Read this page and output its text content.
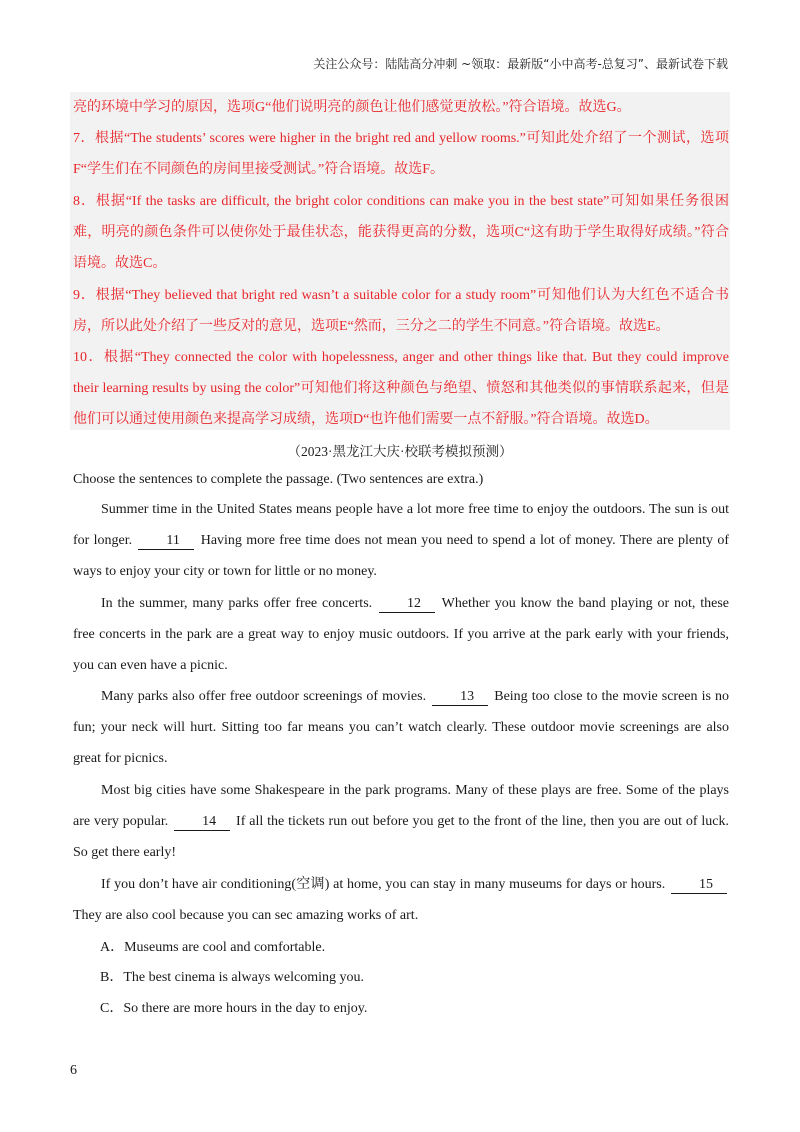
关注公众号：陆陆高分冲刺 ~领取：最新版“小中高考-总复习”、最新试卷下载
亮的环境中学习的原因，选项G“他们说明亮的颜色让他们感觉更放松。”符合语境。故选G。
7．根据“The students’ scores were higher in the bright red and yellow rooms.”可知此处介绍了一个测试，选项F“学生们在不同颜色的房间里接受测试。”符合语境。故选F。
8．根据“If the tasks are difficult, the bright color conditions can make you in the best state”可知如果任务很困难，明亮的颜色条件可以使你处于最佳状态，能获得更高的分数，选项C“这有助于学生取得好成绩。”符合语境。故选C。
9．根据“They believed that bright red wasn’t a suitable color for a study room”可知他们认为大红色不适合书房，所以此处介绍了一些反对的意见，选项E“然而，三分之二的学生不同意。”符合语境。故选E。
10．根据“They connected the color with hopelessness, anger and other things like that. But they could improve their learning results by using the color”可知他们将这种颜色与绝望、愤怒和其他类似的事情联系起来，但是他们可以通过使用颜色来提高学习成绩，选项D“也许他们需要一点不舒服。”符合语境。故选D。
（2023·黑龙江大庆·校联考模拟预测）
Choose the sentences to complete the passage. (Two sentences are extra.)
Summer time in the United States means people have a lot more free time to enjoy the outdoors. The sun is out for longer. 11 Having more free time does not mean you need to spend a lot of money. There are plenty of ways to enjoy your city or town for little or no money.
In the summer, many parks offer free concerts. 12 Whether you know the band playing or not, these free concerts in the park are a great way to enjoy music outdoors. If you arrive at the park early with your friends, you can even have a picnic.
Many parks also offer free outdoor screenings of movies. 13 Being too close to the movie screen is no fun; your neck will hurt. Sitting too far means you can’t watch clearly. These outdoor movie screenings are also great for picnics.
Most big cities have some Shakespeare in the park programs. Many of these plays are free. Some of the plays are very popular. 14 If all the tickets run out before you get to the front of the line, then you are out of luck. So get there early!
If you don’t have air conditioning(空调) at home, you can stay in many museums for days or hours. 15 They are also cool because you can sec amazing works of art.
A．Museums are cool and comfortable.
B．The best cinema is always welcoming you.
C．So there are more hours in the day to enjoy.
6
